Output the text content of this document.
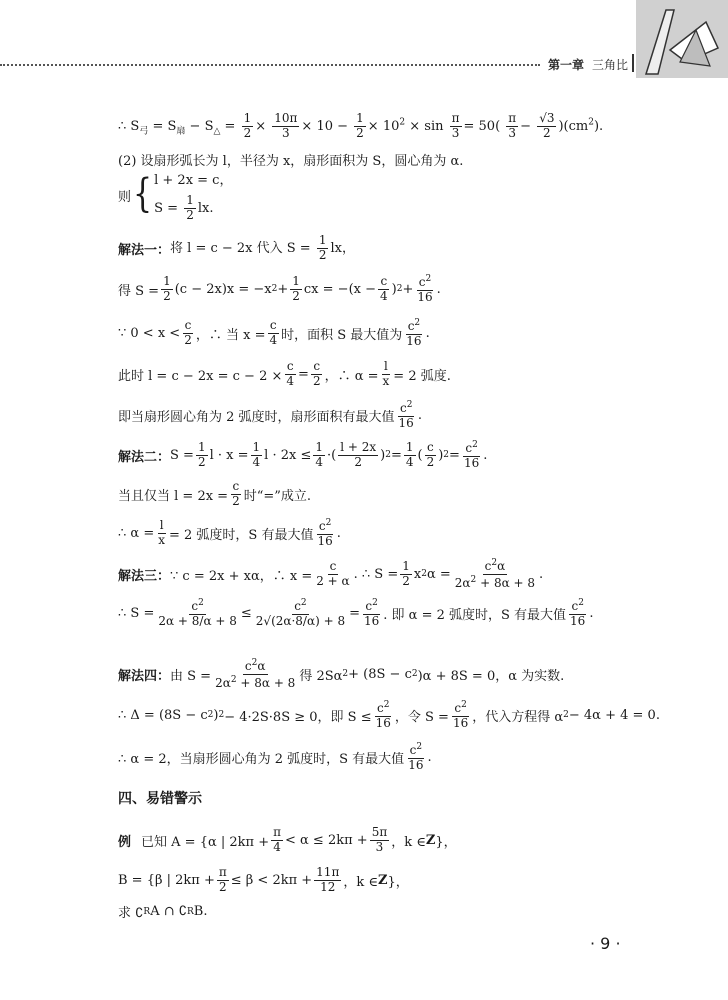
第一章 三角比
∴ $S_弓 = S_扇 - S_\triangle = \frac{1}{2} \times \frac{10\pi}{3} \times 10 - \frac{1}{2} \times 10^2 \times \sin \frac{\pi}{3} = 50( \frac{\pi}{3} - \frac{√3}{2} )(cm^2)$.
(2) 设扇形弧长为 l，半径为 x，扇形面积为 S，圆心角为 α.
则 { l + 2x = c，
$S = \frac{1}{2}$ lx.
解法一： 将 l = c − 2x 代入 $S = \frac{1}{2}$ lx，
得 $S = \frac{1}{2} (c - 2x)x = -x$ $2 + \frac{1}{2}$ cx = $-(x - \frac{c}{4}$ ) $2 + \frac{c^2}{16}$ .
∵ $0 < x < \frac{c}{2}$ ，∴ 当 $x = \frac{c}{4}$ 时，面积 S 最大值为 $\frac{c^2}{16}$ .
此时 $l = c - 2x = c - 2 \times \frac{c}{4} = \frac{c}{2}$ ，∴ $\alpha = \frac{l}{x} = 2$ 弧度.
即当扇形圆心角为 2 弧度时，扇形面积有最大值 $\frac{c^2}{16}$ .
解法二： $S = \frac{1}{2}$ $l \cdot x = \frac{1}{4}$ $l \cdot 2x \le \frac{1}{4}$ ·( $\frac{l + 2x}{2}$ ) $2 = \frac{1}{4}$ ( $\frac{c}{2}$ ) $2 = \frac{c^2}{16}$ .
当且仅当 $l = 2x = \frac{c}{2}$ 时“=”成立.
∴ $\alpha = \frac{l}{x} = 2$ 弧度时，S 有最大值 $\frac{c^2}{16}$ .
解法三： ∵ c = 2x + xα，∴ $x = \frac{c}{2 + \alpha}$ . ∴ $S = \frac{1}{2}$ x 2 $\alpha = \frac{c^2\alpha}{2\alpha^2 + 8\alpha + 8}$ .
∴ $S = \frac{c^2}{2\alpha + 8/\alpha + 8} \le \frac{c^2}{2√(2\alpha\cdot 8/\alpha) + 8} = \frac{c^2}{16}$ . 即 α = 2 弧度时，S 有最大值 $\frac{c^2}{16}$ .
解法四： 由 $S = \frac{c^2\alpha}{2\alpha^2 + 8\alpha + 8}$ 得 2Sα 2 + (8S − c 2 )α + 8S = 0，α 为实数.
∴ Δ = (8S − c 2 ) 2 − 4·2S·8S ≥ 0，即 $S \le \frac{c^2}{16}$ ，令 $S = \frac{c^2}{16}$ ，代入方程得 α 2 − 4α + 4 = 0.
∴ α = 2，当扇形圆心角为 2 弧度时，S 有最大值 $\frac{c^2}{16}$ .
四、易错警示
例 已知 A = {α | $2k\pi + \frac{\pi}{4} < \alpha \le 2k\pi + \frac{5\pi}{3}$ ，k ∈ Z }，
B = {β | $2k\pi + \frac{\pi}{2} \le \beta < 2k\pi + \frac{11\pi}{12}$ ，k ∈ Z }，
求 ∁ R A ∩ ∁ R B.
· 9 ·
